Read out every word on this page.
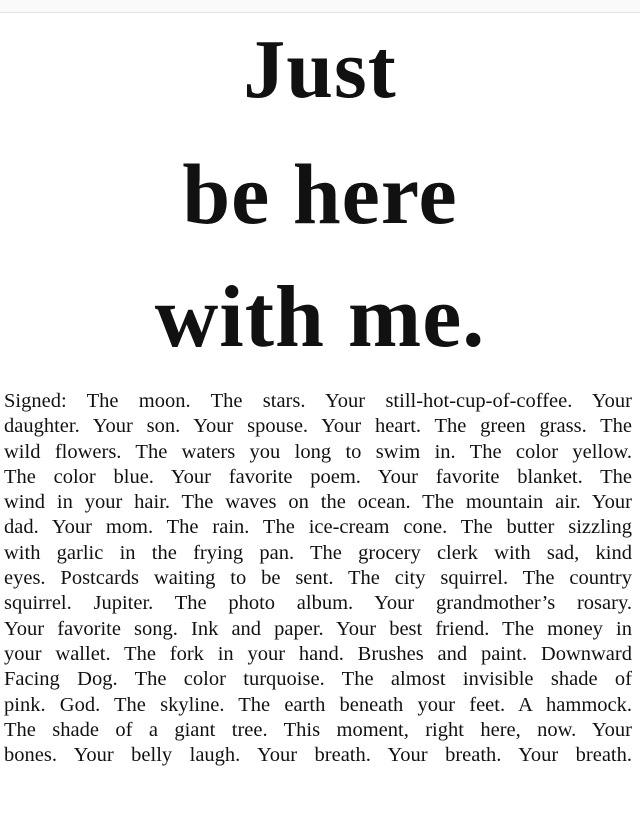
Just
be here
with me.

Signed: The moon. The stars. Your still-hot-cup-of-coffee. Your
daughter. Your son. Your spouse. Your heart. The green grass. The
wild flowers. The waters you long to swim in. The color yellow.
The color blue. Your favorite poem. Your favorite blanket. The
wind in your hair. The waves on the ocean. The mountain air. Your
dad. Your mom. The rain. The ice-cream cone. The butter sizzling
with garlic in the frying pan. The grocery clerk with sad, kind
eyes. Postcards waiting to be sent. The city squirrel. The country
squirrel. Jupiter. The photo album. Your grandmother’s rosary.
Your favorite song. Ink and paper. Your best friend. The money in
your wallet. The fork in your hand. Brushes and paint. Downward
Facing Dog. The color turquoise. The almost invisible shade of
pink. God. The skyline. The earth beneath your feet. A hammock.
The shade of a giant tree. This moment, right here, now. Your
bones. Your belly laugh. Your breath. Your breath. Your breath.
